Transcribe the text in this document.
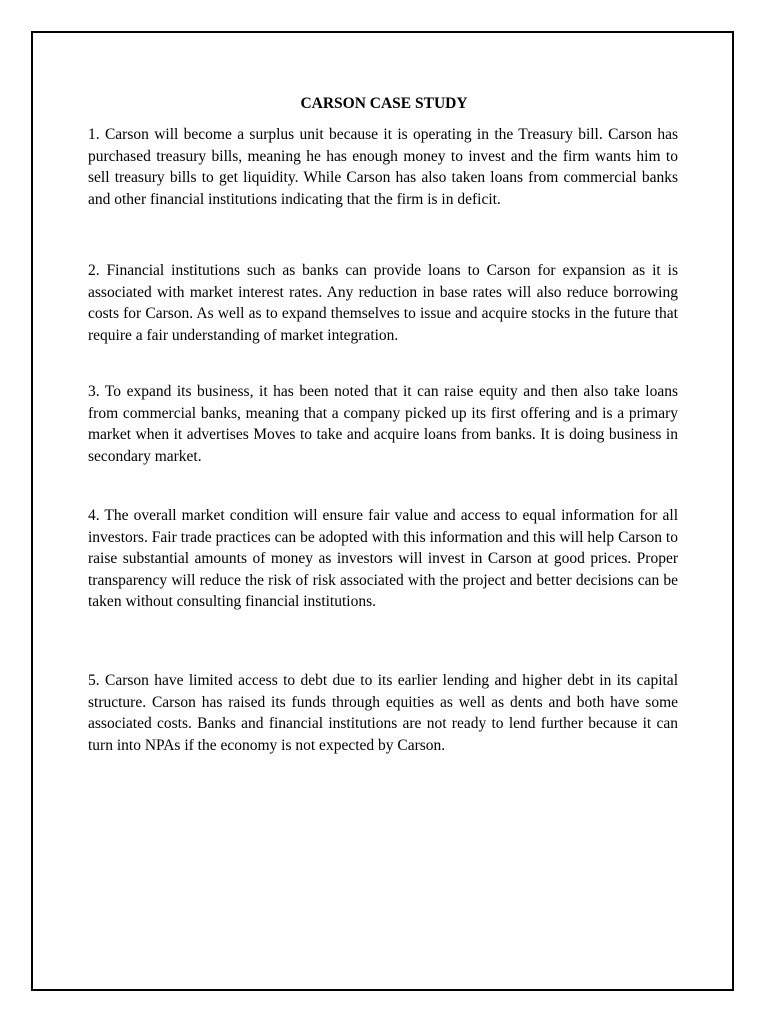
CARSON CASE STUDY

1. Carson will become a surplus unit because it is operating in the Treasury bill. Carson has purchased treasury bills, meaning he has enough money to invest and the firm wants him to sell treasury bills to get liquidity. While Carson has also taken loans from commercial banks and other financial institutions indicating that the firm is in deficit.

2. Financial institutions such as banks can provide loans to Carson for expansion as it is associated with market interest rates. Any reduction in base rates will also reduce borrowing costs for Carson. As well as to expand themselves to issue and acquire stocks in the future that require a fair understanding of market integration.

3. To expand its business, it has been noted that it can raise equity and then also take loans from commercial banks, meaning that a company picked up its first offering and is a primary market when it advertises Moves to take and acquire loans from banks. It is doing business in secondary market.

4. The overall market condition will ensure fair value and access to equal information for all investors. Fair trade practices can be adopted with this information and this will help Carson to raise substantial amounts of money as investors will invest in Carson at good prices. Proper transparency will reduce the risk of risk associated with the project and better decisions can be taken without consulting financial institutions.

5. Carson have limited access to debt due to its earlier lending and higher debt in its capital structure. Carson has raised its funds through equities as well as dents and both have some associated costs. Banks and financial institutions are not ready to lend further because it can turn into NPAs if the economy is not expected by Carson.
